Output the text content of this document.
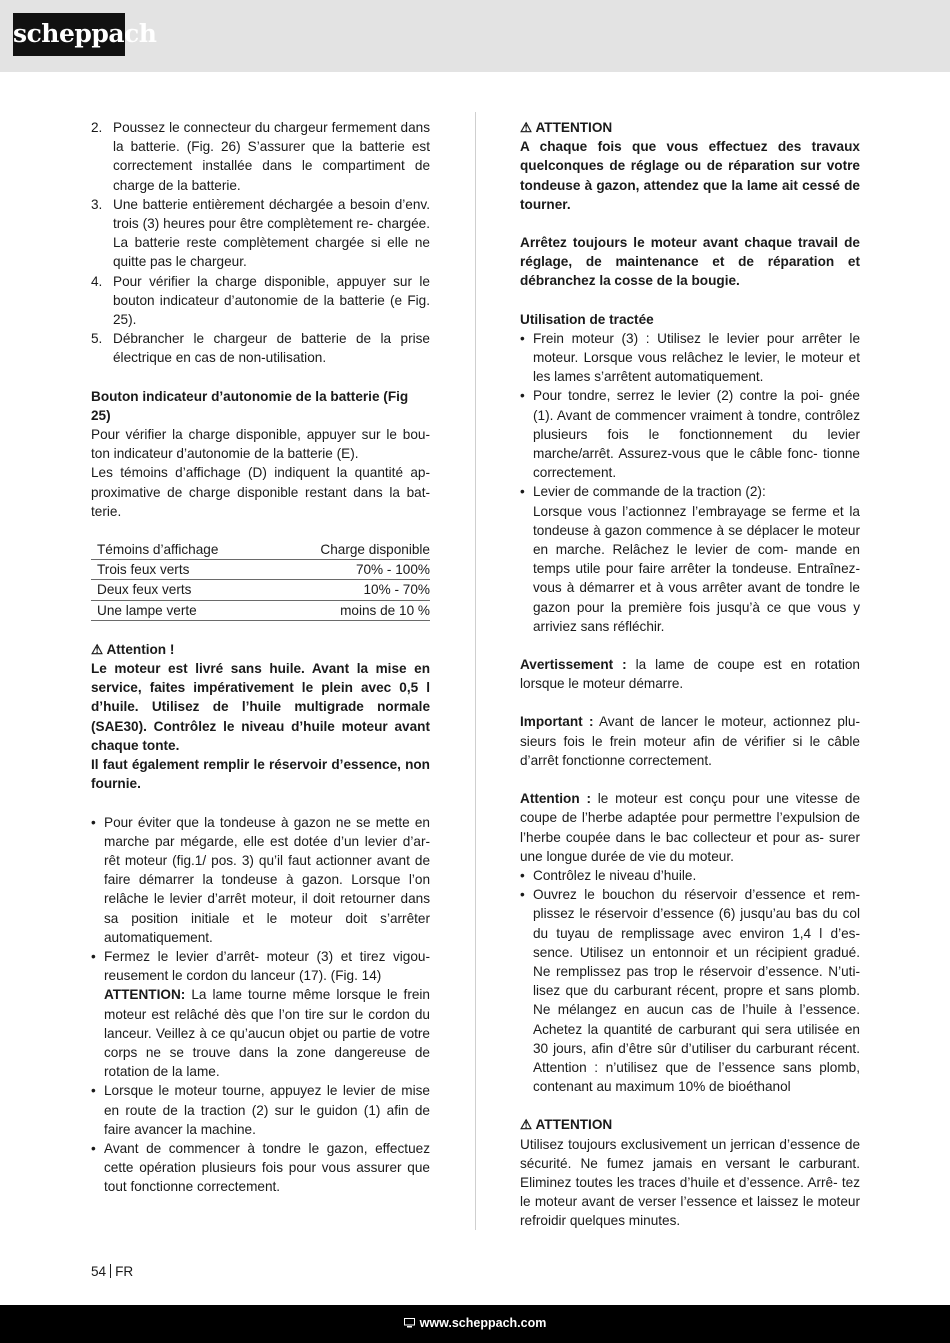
scheppach
2. Poussez le connecteur du chargeur fermement dans la batterie. (Fig. 26) S’assurer que la batterie est correctement installée dans le compartiment de charge de la batterie.
3. Une batterie entièrement déchargée a besoin d’env. trois (3) heures pour être complètement re- chargée. La batterie reste complètement chargée si elle ne quitte pas le chargeur.
4. Pour vérifier la charge disponible, appuyer sur le bouton indicateur d’autonomie de la batterie (e Fig. 25).
5. Débrancher le chargeur de batterie de la prise électrique en cas de non-utilisation.

Bouton indicateur d’autonomie de la batterie (Fig 25)

Pour vérifier la charge disponible, appuyer sur le bou- ton indicateur d’autonomie de la batterie (E).

Les témoins d’affichage (D) indiquent la quantité ap- proximative de charge disponible restant dans la bat- terie.

Témoins d’affichage	Charge disponible
Trois feux verts	70% - 100%
Deux feux verts	10% - 70%
Une lampe verte	moins de 10 %

⚠ Attention !

Le moteur est livré sans huile. Avant la mise en service, faites impérativement le plein avec 0,5 l d’huile. Utilisez de l’huile multigrade normale (SAE30). Contrôlez le niveau d’huile moteur avant chaque tonte.

Il faut également remplir le réservoir d’essence, non fournie.

• Pour éviter que la tondeuse à gazon ne se mette en marche par mégarde, elle est dotée d’un levier d’ar- rêt moteur (fig.1/ pos. 3) qu’il faut actionner avant de faire démarrer la tondeuse à gazon. Lorsque l’on relâche le levier d’arrêt moteur, il doit retourner dans sa position initiale et le moteur doit s’arrêter automatiquement.
• Fermez le levier d’arrêt- moteur (3) et tirez vigou- reusement le cordon du lanceur (17). (Fig. 14)
ATTENTION: La lame tourne même lorsque le frein moteur est relâché dès que l’on tire sur le cordon du lanceur. Veillez à ce qu’aucun objet ou partie de votre corps ne se trouve dans la zone dangereuse de rotation de la lame.
• Lorsque le moteur tourne, appuyez le levier de mise en route de la traction (2) sur le guidon (1) afin de faire avancer la machine.
• Avant de commencer à tondre le gazon, effectuez cette opération plusieurs fois pour vous assurer que tout fonctionne correctement.

⚠ ATTENTION

A chaque fois que vous effectuez des travaux quelconques de réglage ou de réparation sur votre tondeuse à gazon, attendez que la lame ait cessé de tourner.

Arrêtez toujours le moteur avant chaque travail de réglage, de maintenance et de réparation et débranchez la cosse de la bougie.

Utilisation de tractée

• Frein moteur (3) : Utilisez le levier pour arrêter le moteur. Lorsque vous relâchez le levier, le moteur et les lames s’arrêtent automatiquement.
• Pour tondre, serrez le levier (2) contre la poi- gnée (1). Avant de commencer vraiment à tondre, contrôlez plusieurs fois le fonctionnement du levier marche/arrêt. Assurez-vous que le câble fonc- tionne correctement.
• Levier de commande de la traction (2):
Lorsque vous l’actionnez l’embrayage se ferme et la tondeuse à gazon commence à se déplacer le moteur en marche. Relâchez le levier de com- mande en temps utile pour faire arrêter la tondeuse. Entraînez-vous à démarrer et à vous arrêter avant de tondre le gazon pour la première fois jusqu’à ce que vous y arriviez sans réfléchir.

Avertissement : la lame de coupe est en rotation lorsque le moteur démarre.

Important : Avant de lancer le moteur, actionnez plu- sieurs fois le frein moteur afin de vérifier si le câble d’arrêt fonctionne correctement.

Attention : le moteur est conçu pour une vitesse de coupe de l’herbe adaptée pour permettre l’expulsion de l’herbe coupée dans le bac collecteur et pour as- surer une longue durée de vie du moteur.

• Contrôlez le niveau d’huile.
• Ouvrez le bouchon du réservoir d’essence et rem- plissez le réservoir d’essence (6) jusqu’au bas du col du tuyau de remplissage avec environ 1,4 l d’es- sence. Utilisez un entonnoir et un récipient gradué. Ne remplissez pas trop le réservoir d’essence. N’uti- lisez que du carburant récent, propre et sans plomb. Ne mélangez en aucun cas de l’huile à l’essence. Achetez la quantité de carburant qui sera utilisée en 30 jours, afin d’être sûr d’utiliser du carburant récent. Attention : n’utilisez que de l’essence sans plomb, contenant au maximum 10% de bioéthanol

⚠ ATTENTION

Utilisez toujours exclusivement un jerrican d’essence de sécurité. Ne fumez jamais en versant le carburant. Eliminez toutes les traces d’huile et d’essence. Arrê- tez le moteur avant de verser l’essence et laissez le moteur refroidir quelques minutes.

54 FR
www.scheppach.com
